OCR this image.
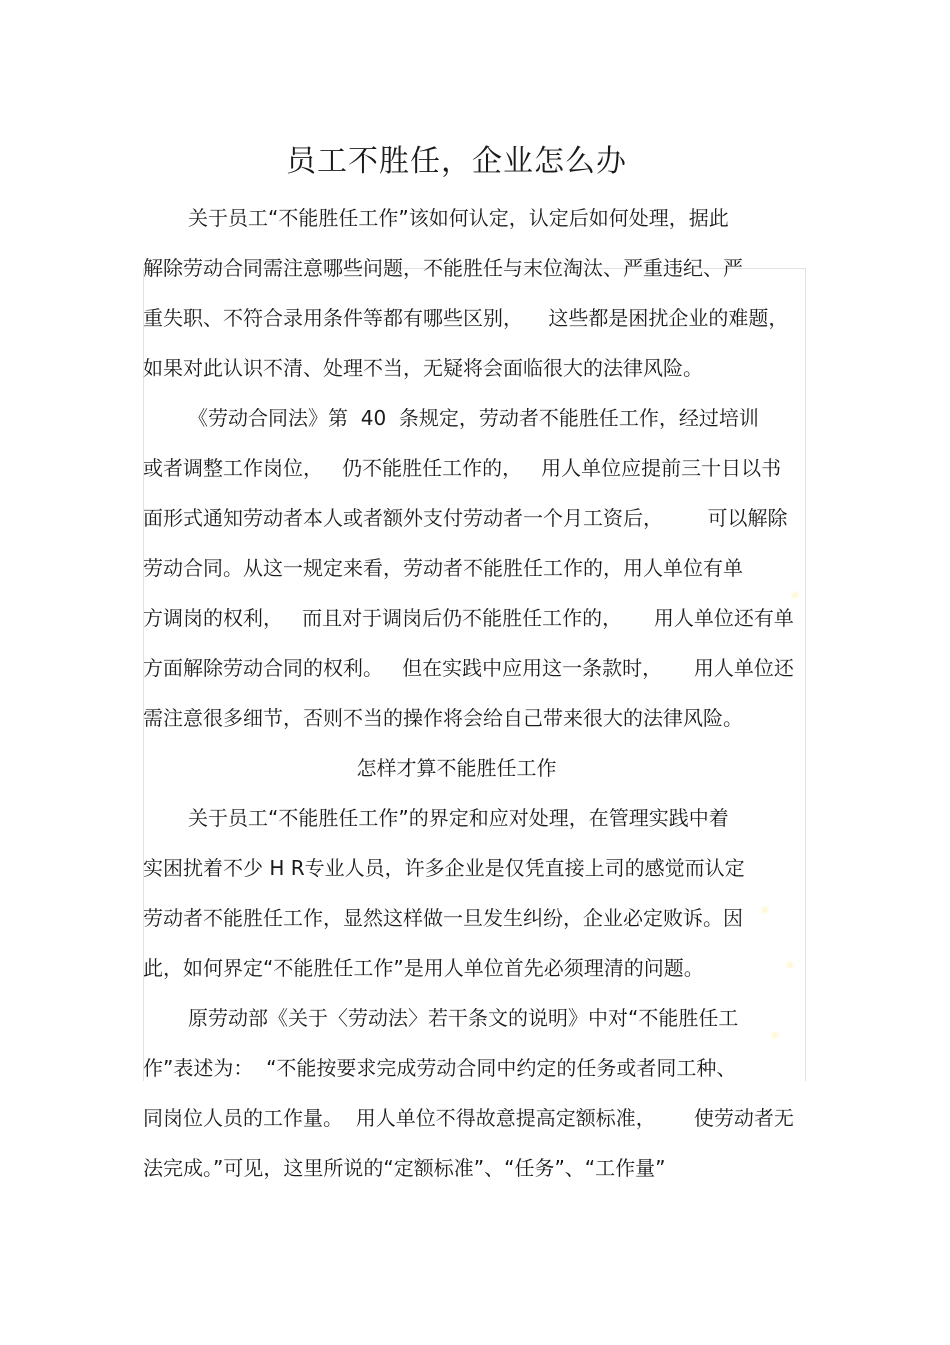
员工不胜任，企业怎么办

关于员工“不能胜任工作”该如何认定，认定后如何处理，据此

解除劳动合同需注意哪些问题，不能胜任与末位淘汰、严重违纪、严

重失职、不符合录用条件等都有哪些区别，    这些都是困扰企业的难题，

如果对此认识不清、处理不当，无疑将会面临很大的法律风险。

《劳动合同法》第  40  条规定，劳动者不能胜任工作，经过培训

或者调整工作岗位，   仍不能胜任工作的，   用人单位应提前三十日以书

面形式通知劳动者本人或者额外支付劳动者一个月工资后，       可以解除

劳动合同。从这一规定来看，劳动者不能胜任工作的，用人单位有单

方调岗的权利，   而且对于调岗后仍不能胜任工作的，     用人单位还有单

方面解除劳动合同的权利。   但在实践中应用这一条款时，     用人单位还

需注意很多细节，否则不当的操作将会给自己带来很大的法律风险。

怎样才算不能胜任工作

关于员工“不能胜任工作”的界定和应对处理，在管理实践中着

实困扰着不少 H R专业人员，许多企业是仅凭直接上司的感觉而认定

劳动者不能胜任工作，显然这样做一旦发生纠纷，企业必定败诉。因

此，如何界定“不能胜任工作”是用人单位首先必须理清的问题。

原劳动部《关于〈劳动法〉若干条文的说明》中对“不能胜任工

作”表述为：  “不能按要求完成劳动合同中约定的任务或者同工种、

同岗位人员的工作量。  用人单位不得故意提高定额标准，      使劳动者无

法完成。”可见，这里所说的“定额标准”、“任务”、“工作量”
